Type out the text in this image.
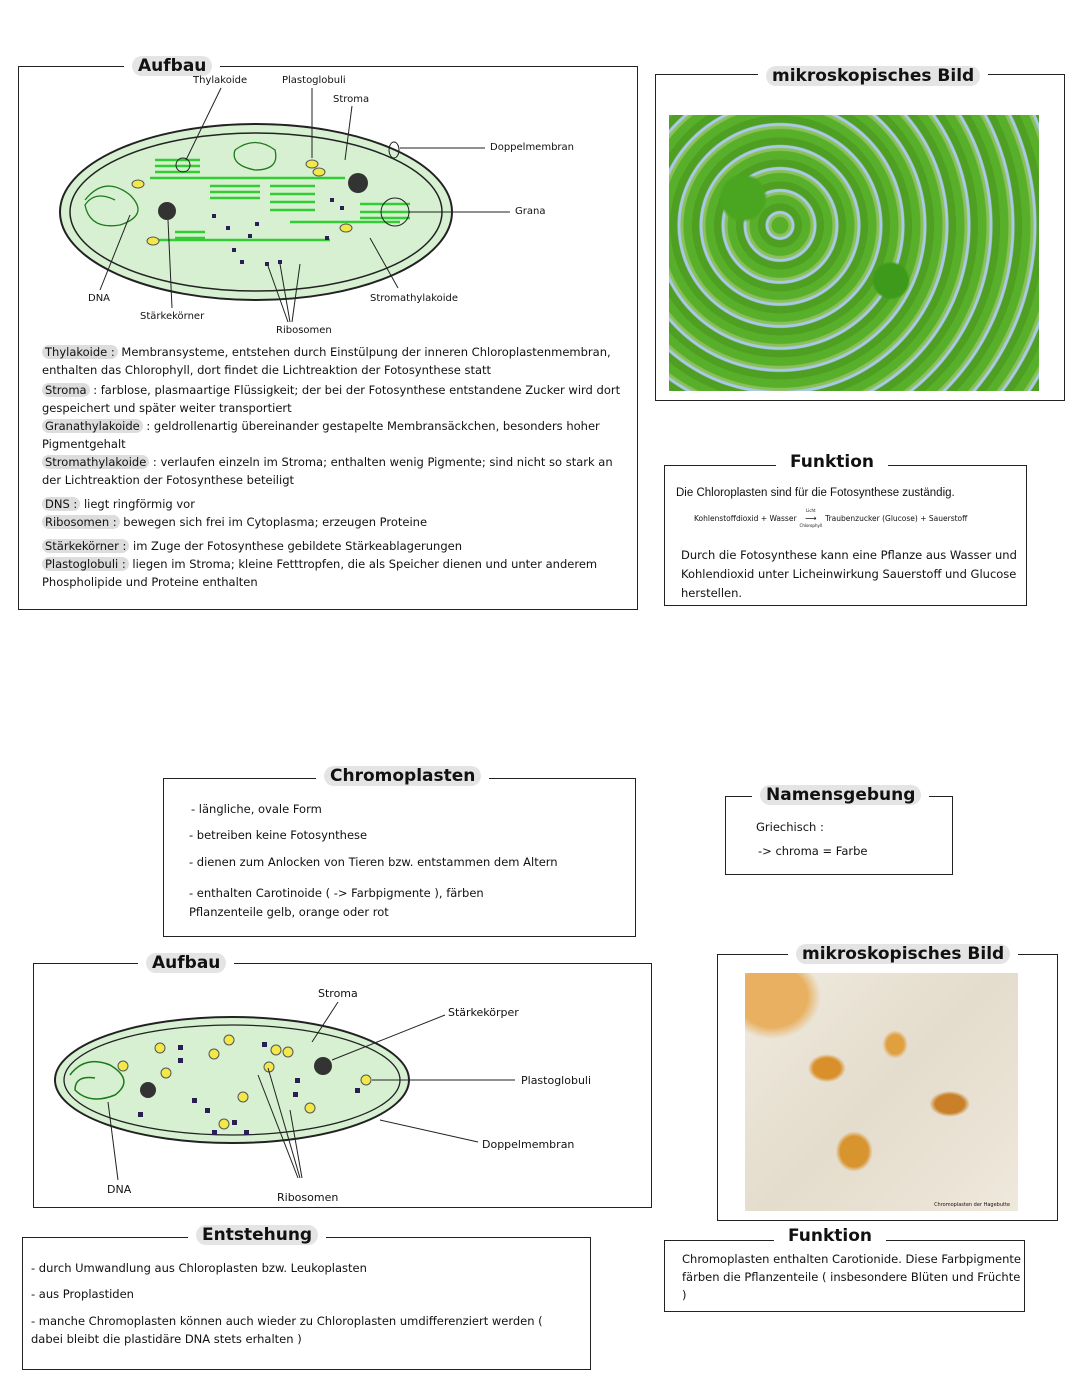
Aufbau
Thylakoide	Plastoglobuli
Stroma
Doppelmembran
Grana
DNA
Stärkekörner
Stromathylakoide
Ribosomen

Thylakoide : Membransysteme, entstehen durch Einstülpung der inneren Chloroplastenmembran, enthalten das Chlorophyll, dort findet die Lichtreaktion der Fotosynthese statt

Stroma : farblose, plasmaartige Flüssigkeit; der bei der Fotosynthese entstandene Zucker wird dort gespeichert und später weiter transportiert

Granathylakoide : geldrollenartig übereinander gestapelte Membransäckchen, besonders hoher Pigmentgehalt

Stromathylakoide : verlaufen einzeln im Stroma; enthalten wenig Pigmente; sind nicht so stark an der Lichtreaktion der Fotosynthese beteiligt

DNS : liegt ringförmig vor

Ribosomen : bewegen sich frei im Cytoplasma; erzeugen Proteine

Stärkekörner : im Zuge der Fotosynthese gebildete Stärkeablagerungen

Plastoglobuli : liegen im Stroma; kleine Fetttropfen, die als Speicher dienen und unter anderem Phospholipide und Proteine enthalten

mikroskopisches Bild
Funktion
Die Chloroplasten sind für die Fotosynthese zuständig.
Kohlenstoffdioxid + Wasser
Licht
⟶
Chlorophyll
Traubenzucker (Glucose) + Sauerstoff
Durch die Fotosynthese kann eine Pflanze aus Wasser und Kohlendioxid unter Licheinwirkung Sauerstoff und Glucose herstellen.
Chromoplasten
- längliche, ovale Form
- betreiben keine Fotosynthese
- dienen zum Anlocken von Tieren bzw. entstammen dem Altern
- enthalten Carotinoide ( -> Farbpigmente ), färben Pflanzenteile gelb, orange oder rot
Namensgebung
Griechisch :
-> chroma = Farbe
Aufbau
Stroma
Stärkekörper
Plastoglobuli
Doppelmembran
DNA
Ribosomen
mikroskopisches Bild
Chromoplasten der Hagebutte
Entstehung
- durch Umwandlung aus Chloroplasten bzw. Leukoplasten
- aus Proplastiden
- manche Chromoplasten können auch wieder zu Chloroplasten umdifferenziert werden ( dabei bleibt die plastidäre DNA stets erhalten )
Funktion
Chromoplasten enthalten Carotionide. Diese Farbpigmente färben die Pflanzenteile ( insbesondere Blüten und Früchte )
